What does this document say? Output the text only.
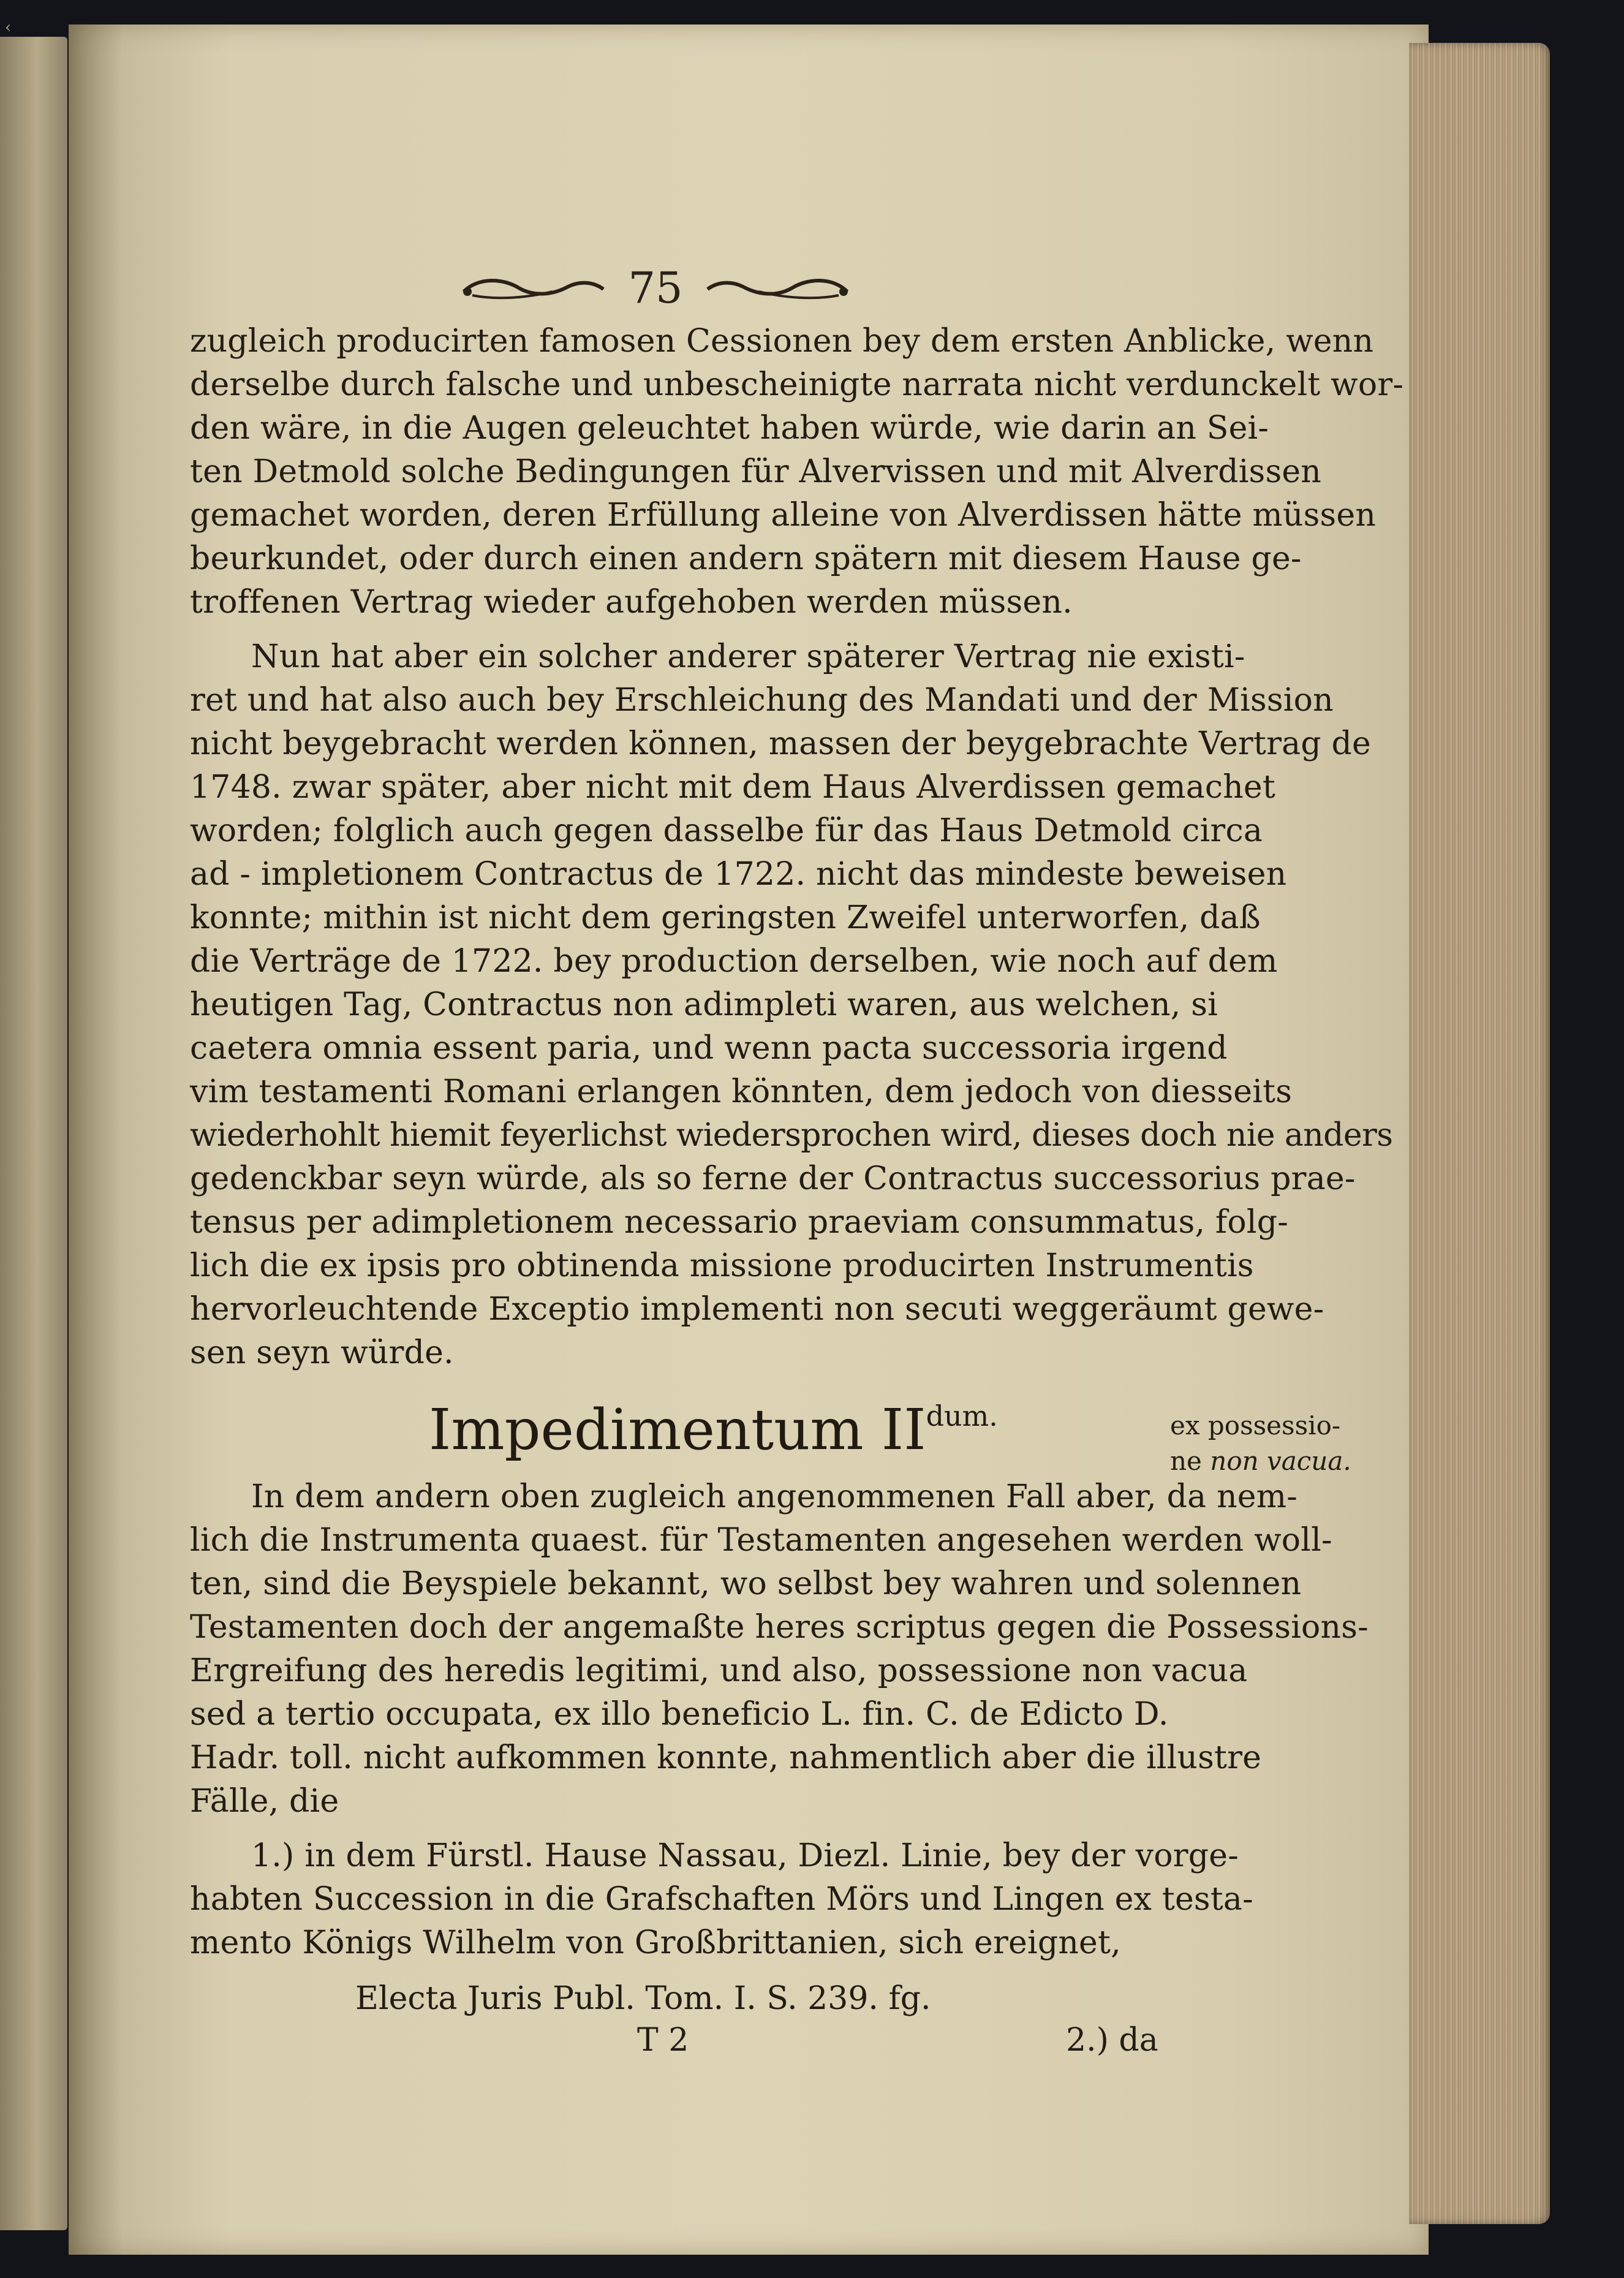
‹
75
zugleich producirten famosen Cessionen bey dem ersten Anblicke, wenn
derselbe durch falsche und unbescheinigte narrata nicht verdunckelt wor-
den wäre, in die Augen geleuchtet haben würde, wie darin an Sei-
ten Detmold solche Bedingungen für Alvervissen und mit Alverdissen
gemachet worden, deren Erfüllung alleine von Alverdissen hätte müssen
beurkundet, oder durch einen andern spätern mit diesem Hause ge-
troffenen Vertrag wieder aufgehoben werden müssen.
Nun hat aber ein solcher anderer späterer Vertrag nie existi-
ret und hat also auch bey Erschleichung des Mandati und der Mission
nicht beygebracht werden können, massen der beygebrachte Vertrag de
1748. zwar später, aber nicht mit dem Haus Alverdissen gemachet
worden; folglich auch gegen dasselbe für das Haus Detmold circa
ad - impletionem Contractus de 1722. nicht das mindeste beweisen
konnte; mithin ist nicht dem geringsten Zweifel unterworfen, daß
die Verträge de 1722. bey production derselben, wie noch auf dem
heutigen Tag, Contractus non adimpleti waren, aus welchen, si
caetera omnia essent paria, und wenn pacta successoria irgend
vim testamenti Romani erlangen könnten, dem jedoch von diesseits
wiederhohlt hiemit feyerlichst wiedersprochen wird, dieses doch nie anders
gedenckbar seyn würde, als so ferne der Contractus successorius prae-
tensus per adimpletionem necessario praeviam consummatus, folg-
lich die ex ipsis pro obtinenda missione producirten Instrumentis
hervorleuchtende Exceptio implementi non secuti weggeräumt gewe-
sen seyn würde.
Impedimentum $II^{dum.}$	ex possessio-
ne non vacua.
In dem andern oben zugleich angenommenen Fall aber, da nem-
lich die Instrumenta quaest. für Testamenten angesehen werden woll-
ten, sind die Beyspiele bekannt, wo selbst bey wahren und solennen
Testamenten doch der angemaßte heres scriptus gegen die Possessions-
Ergreifung des heredis legitimi, und also, possessione non vacua
sed a tertio occupata, ex illo beneficio L. fin. C. de Edicto D.
Hadr. toll. nicht aufkommen konnte, nahmentlich aber die illustre
Fälle, die
1.) in dem Fürstl. Hause Nassau, Diezl. Linie, bey der vorge-
habten Succession in die Grafschaften Mörs und Lingen ex testa-
mento Königs Wilhelm von Großbrittanien, sich ereignet,
Electa Juris Publ. Tom. I. S. 239. fg.
T 2	2.) da
